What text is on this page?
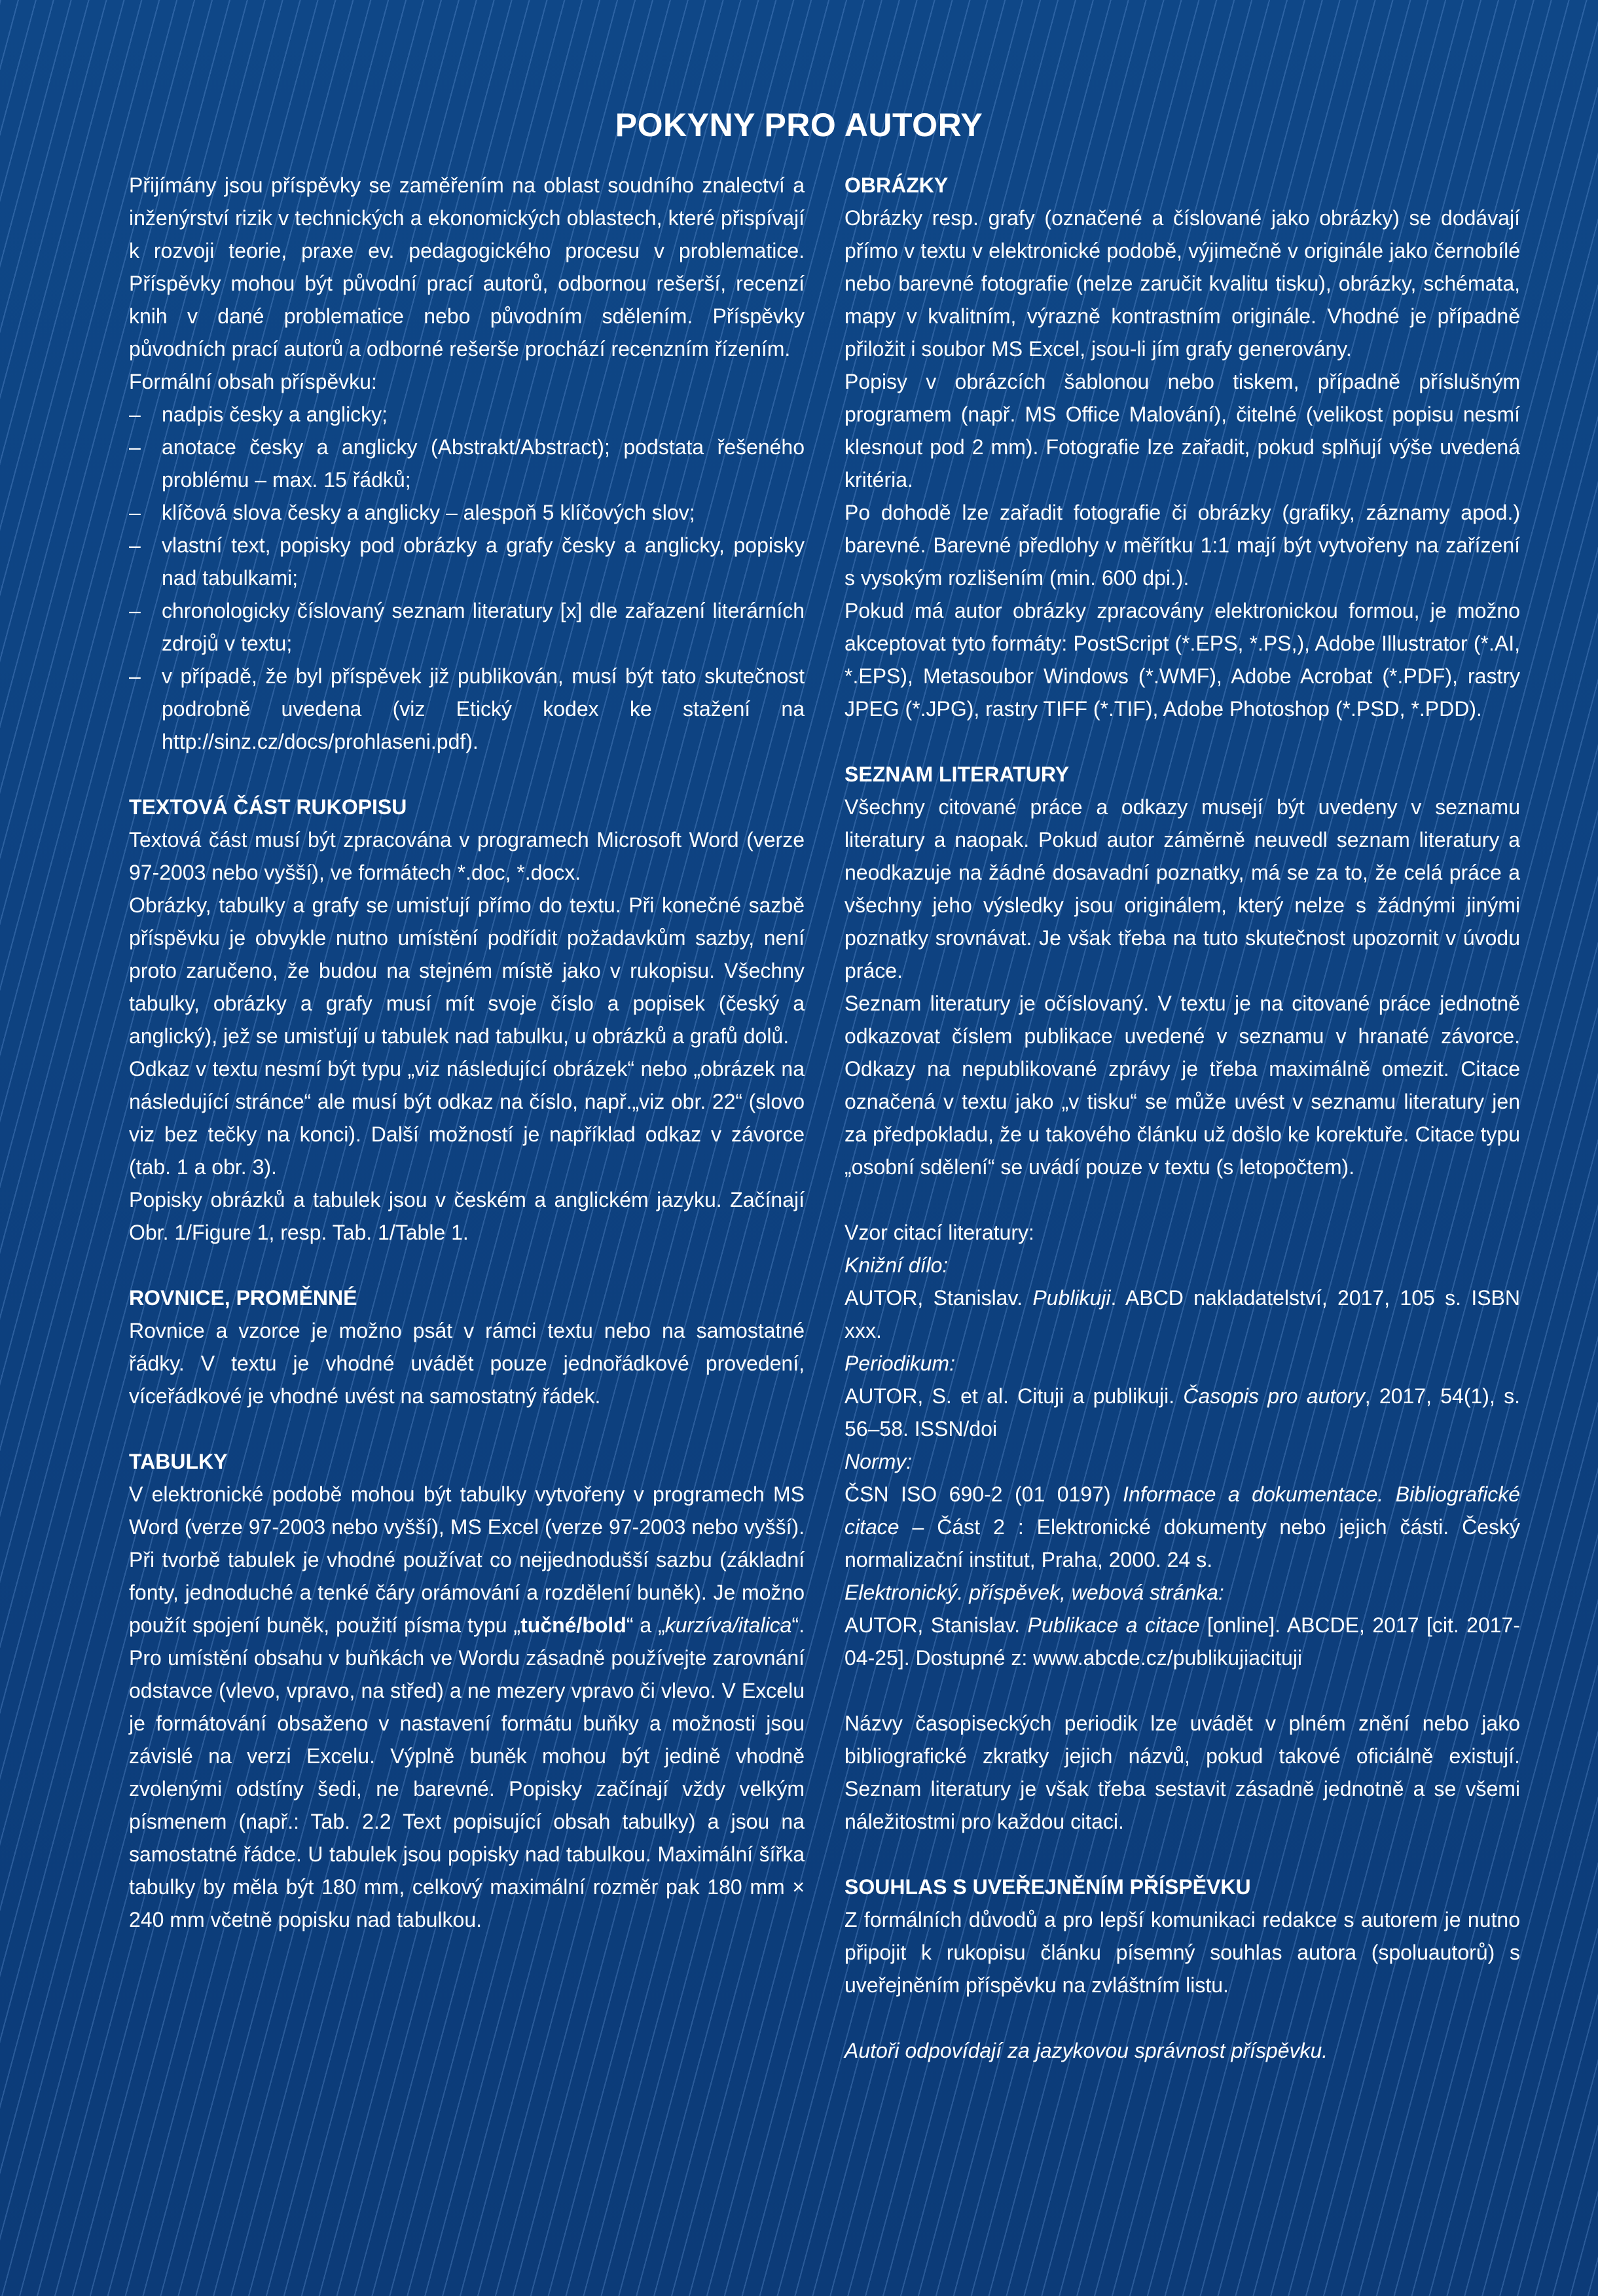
POKYNY PRO AUTORY

Přijímány jsou příspěvky se zaměřením na oblast soudního znalectví a inženýrství rizik v technických a ekonomických oblastech, které přispívají k rozvoji teorie, praxe ev. pedagogického procesu v problematice. Příspěvky mohou být původní prací autorů, odbornou rešerší, recenzí knih v dané problematice nebo původním sdělením. Příspěvky původních prací autorů a odborné rešerše prochází recenzním řízením.

Formální obsah příspěvku:

– nadpis česky a anglicky;
– anotace česky a anglicky (Abstrakt/Abstract); podstata řešeného problému – max. 15 řádků;
– klíčová slova česky a anglicky – alespoň 5 klíčových slov;
– vlastní text, popisky pod obrázky a grafy česky a anglicky, popisky nad tabulkami;
– chronologicky číslovaný seznam literatury [x] dle zařazení literárních zdrojů v textu;
– v případě, že byl příspěvek již publikován, musí být tato skutečnost podrobně uvedena (viz Etický kodex ke stažení na http://sinz.cz/docs/prohlaseni.pdf).
TEXTOVÁ ČÁST RUKOPISU

Textová část musí být zpracována v programech Microsoft Word (verze 97-2003 nebo vyšší), ve formátech *.doc, *.docx.

Obrázky, tabulky a grafy se umisťují přímo do textu. Při konečné sazbě příspěvku je obvykle nutno umístění podřídit požadavkům sazby, není proto zaručeno, že budou na stejném místě jako v rukopisu. Všechny tabulky, obrázky a grafy musí mít svoje číslo a popisek (český a anglický), jež se umisťují u tabulek nad tabulku, u obrázků a grafů dolů.

Odkaz v textu nesmí být typu „viz následující obrázek“ nebo „obrázek na následující stránce“ ale musí být odkaz na číslo, např.„viz obr. 22“ (slovo viz bez tečky na konci). Další možností je například odkaz v závorce (tab. 1 a obr. 3).

Popisky obrázků a tabulek jsou v českém a anglickém jazyku. Začínají Obr. 1/Figure 1, resp. Tab. 1/Table 1.

ROVNICE, PROMĚNNÉ

Rovnice a vzorce je možno psát v rámci textu nebo na samostatné řádky. V textu je vhodné uvádět pouze jednořádkové provedení, víceřádkové je vhodné uvést na samostatný řádek.

TABULKY

V elektronické podobě mohou být tabulky vytvořeny v programech MS Word (verze 97-2003 nebo vyšší), MS Excel (verze 97-2003 nebo vyšší). Při tvorbě tabulek je vhodné používat co nejjednodušší sazbu (základní fonty, jednoduché a tenké čáry orámování a rozdělení buněk). Je možno použít spojení buněk, použití písma typu „tučné/bold“ a „kurzíva/italica“. Pro umístění obsahu v buňkách ve Wordu zásadně používejte zarovnání odstavce (vlevo, vpravo, na střed) a ne mezery vpravo či vlevo. V Excelu je formátování obsaženo v nastavení formátu buňky a možnosti jsou závislé na verzi Excelu. Výplně buněk mohou být jedině vhodně zvolenými odstíny šedi, ne barevné. Popisky začínají vždy velkým písmenem (např.: Tab. 2.2 Text popisující obsah tabulky) a jsou na samostatné řádce. U tabulek jsou popisky nad tabulkou. Maximální šířka tabulky by měla být 180 mm, celkový maximální rozměr pak 180 mm × 240 mm včetně popisku nad tabulkou.

OBRÁZKY

Obrázky resp. grafy (označené a číslované jako obrázky) se dodávají přímo v textu v elektronické podobě, výjimečně v originále jako černobílé nebo barevné fotografie (nelze zaručit kvalitu tisku), obrázky, schémata, mapy v kvalitním, výrazně kontrastním originále. Vhodné je případně přiložit i soubor MS Excel, jsou-li jím grafy generovány.

Popisy v obrázcích šablonou nebo tiskem, případně příslušným programem (např. MS Office Malování), čitelné (velikost popisu nesmí klesnout pod 2 mm). Fotografie lze zařadit, pokud splňují výše uvedená kritéria.

Po dohodě lze zařadit fotografie či obrázky (grafiky, záznamy apod.) barevné. Barevné předlohy v měřítku 1:1 mají být vytvořeny na zařízení s vysokým rozlišením (min. 600 dpi.).

Pokud má autor obrázky zpracovány elektronickou formou, je možno akceptovat tyto formáty: PostScript (*.EPS, *.PS,), Adobe Illustrator (*.AI, *.EPS), Metasoubor Windows (*.WMF), Adobe Acrobat (*.PDF), rastry JPEG (*.JPG), rastry TIFF (*.TIF), Adobe Photoshop (*.PSD, *.PDD).

SEZNAM LITERATURY

Všechny citované práce a odkazy musejí být uvedeny v seznamu literatury a naopak. Pokud autor záměrně neuvedl seznam literatury a neodkazuje na žádné dosavadní poznatky, má se za to, že celá práce a všechny jeho výsledky jsou originálem, který nelze s žádnými jinými poznatky srovnávat. Je však třeba na tuto skutečnost upozornit v úvodu práce.

Seznam literatury je očíslovaný. V textu je na citované práce jednotně odkazovat číslem publikace uvedené v seznamu v hranaté závorce. Odkazy na nepublikované zprávy je třeba maximálně omezit. Citace označená v textu jako „v tisku“ se může uvést v seznamu literatury jen za předpokladu, že u takového článku už došlo ke korektuře. Citace typu „osobní sdělení“ se uvádí pouze v textu (s letopočtem).

Vzor citací literatury:

Knižní dílo:

AUTOR, Stanislav. Publikuji. ABCD nakladatelství, 2017, 105 s. ISBN xxx.

Periodikum:

AUTOR, S. et al. Cituji a publikuji. Časopis pro autory, 2017, 54(1), s. 56–58. ISSN/doi

Normy:

ČSN ISO 690-2 (01 0197) Informace a dokumentace. Bibliografické citace – Část 2 : Elektronické dokumenty nebo jejich části. Český normalizační institut, Praha, 2000. 24 s.

Elektronický. příspěvek, webová stránka:

AUTOR, Stanislav. Publikace a citace [online]. ABCDE, 2017 [cit. 2017-04-25]. Dostupné z: www.abcde.cz/publikujiacituji

Názvy časopiseckých periodik lze uvádět v plném znění nebo jako bibliografické zkratky jejich názvů, pokud takové oficiálně existují. Seznam literatury je však třeba sestavit zásadně jednotně a se všemi náležitostmi pro každou citaci.

SOUHLAS S UVEŘEJNĚNÍM PŘÍSPĚVKU

Z formálních důvodů a pro lepší komunikaci redakce s autorem je nutno připojit k rukopisu článku písemný souhlas autora (spoluautorů) s uveřejněním příspěvku na zvláštním listu.

Autoři odpovídají za jazykovou správnost příspěvku.
